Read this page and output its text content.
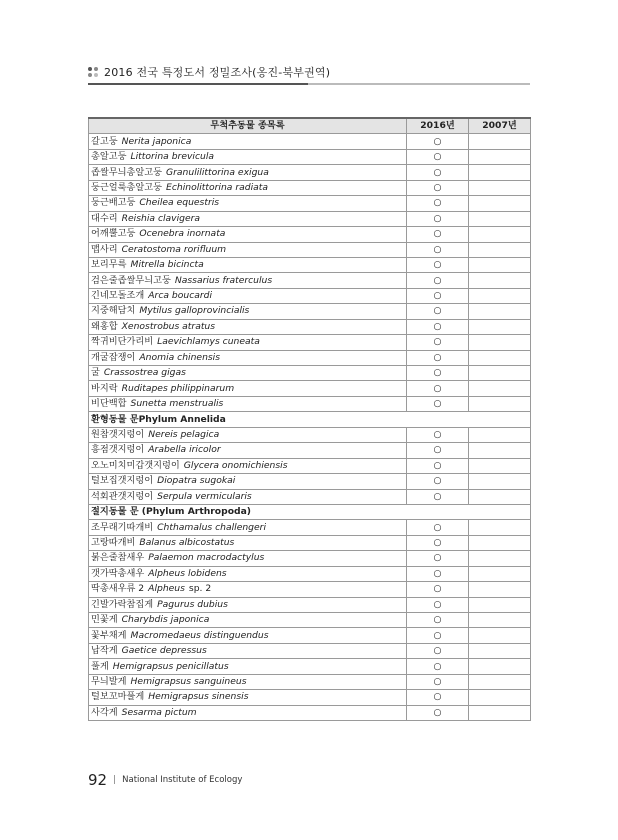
2016 전국 특정도서 정밀조사(옹진-북부권역)
무척추동물 종목록	2016년	2007년
갈고둥 Nerita japonica	○	
총알고둥 Littorina brevicula	○	
좁쌀무늬총알고둥 Granulilittorina exigua	○	
둥근얼룩총알고둥 Echinolittorina radiata	○	
둥근배고둥 Cheilea equestris	○	
대수리 Reishia clavigera	○	
어깨뿔고둥 Ocenebra inornata	○	
맵사리 Ceratostoma rorifluum	○	
보리무륵 Mitrella bicincta	○	
검은줄좁쌀무늬고둥 Nassarius fraterculus	○	
긴네모돌조개 Arca boucardi	○	
지중해담치 Mytilus galloprovincialis	○	
왜홍합 Xenostrobus atratus	○	
짝귀비단가리비 Laevichlamys cuneata	○	
개굴잡쟁이 Anomia chinensis	○	
굴 Crassostrea gigas	○	
바지락 Ruditapes philippinarum	○	
비단백합 Sunetta menstrualis	○	
환형동물 문Phylum Annelida		
원참갯지렁이 Nereis pelagica	○	
흥점갯지렁이 Arabella iricolor	○	
오노미치미갑갯지렁이 Glycera onomichiensis	○	
털보집갯지렁이 Diopatra sugokai	○	
석회관갯지렁이 Serpula vermicularis	○	
절지동물 문 (Phylum Arthropoda)		
조무래기따개비 Chthamalus challengeri	○	
고랑따개비 Balanus albicostatus	○	
붉은줄참새우 Palaemon macrodactylus	○	
갯가딱총새우 Alpheus lobidens	○	
딱총새우류 2 Alpheus sp. 2	○	
긴발가락참집게 Pagurus dubius	○	
민꽃게 Charybdis japonica	○	
꽃부채게 Macromedaeus distinguendus	○	
납작게 Gaetice depressus	○	
풀게 Hemigrapsus penicillatus	○	
무늬발게 Hemigrapsus sanguineus	○	
털보꼬마풀게 Hemigrapsus sinensis	○	
사각게 Sesarma pictum	○	
92 | National Institute of Ecology
